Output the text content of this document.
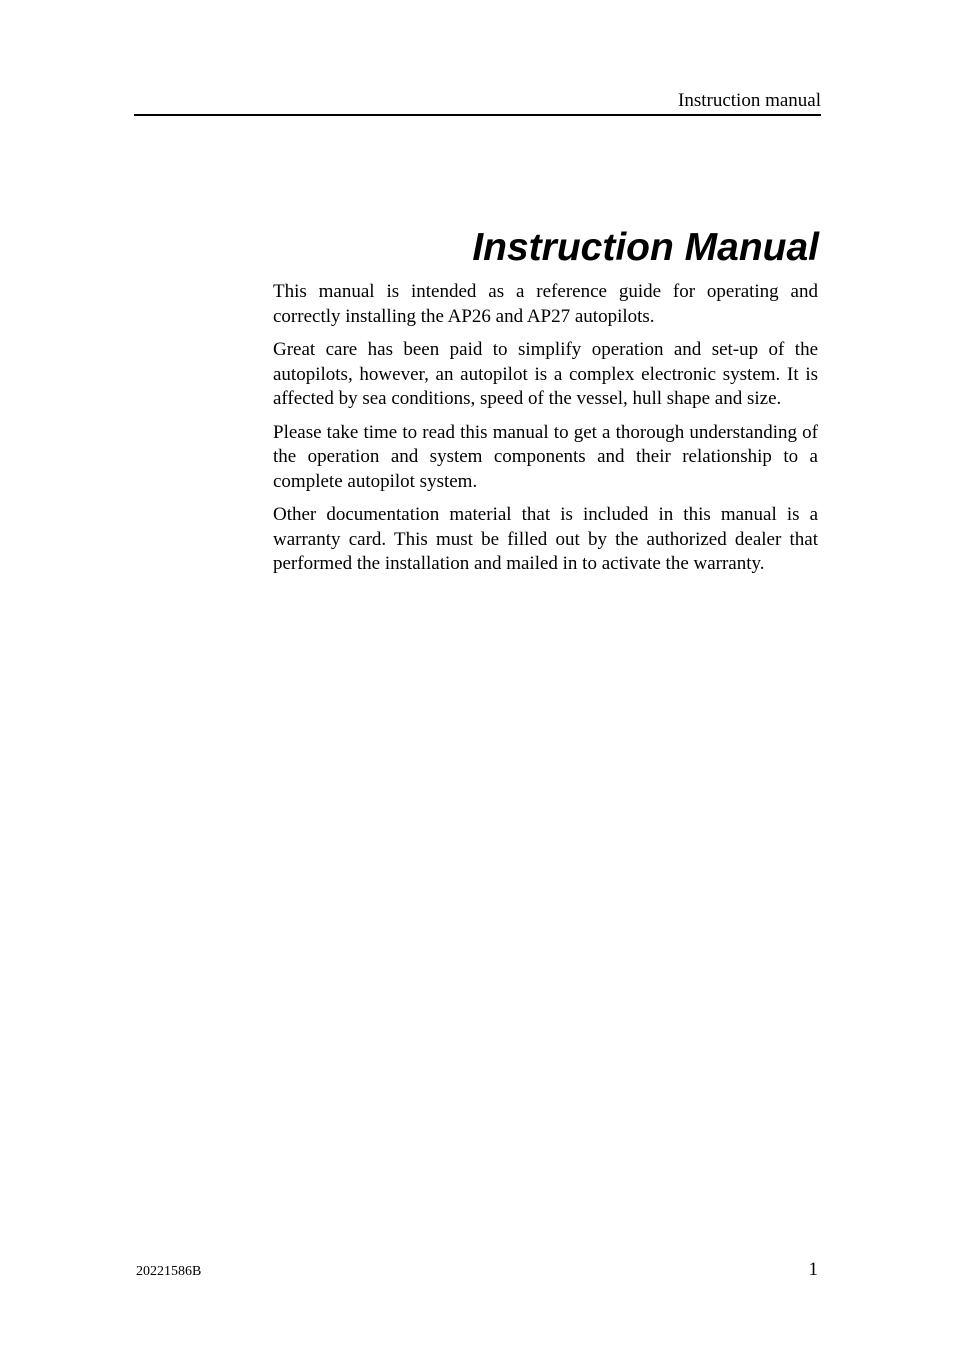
Instruction manual
Instruction Manual

This manual is intended as a reference guide for operating and correctly installing the AP26 and AP27 autopilots.

Great care has been paid to simplify operation and set-up of the autopilots, however, an autopilot is a complex electronic system. It is affected by sea conditions, speed of the vessel, hull shape and size.

Please take time to read this manual to get a thorough understanding of the operation and system components and their relationship to a complete autopilot system.

Other documentation material that is included in this manual is a warranty card. This must be filled out by the authorized dealer that performed the installation and mailed in to activate the warranty.

20221586B	1
